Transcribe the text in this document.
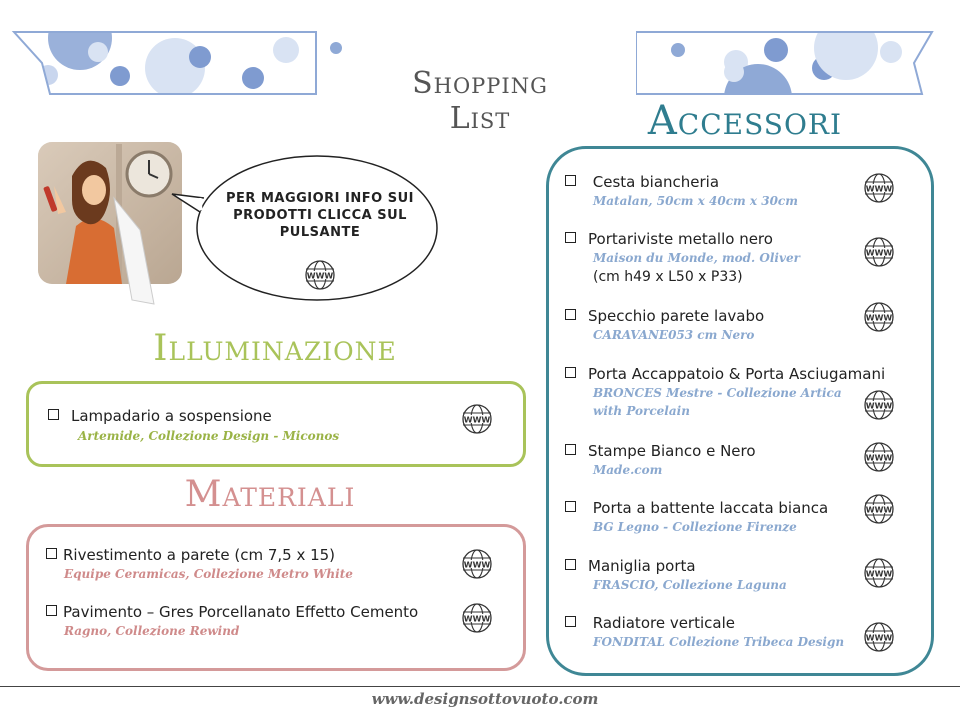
Shopping List
PER MAGGIORI INFO SUI PRODOTTI CLICCA SUL PULSANTE
WWW
Accessori
Illuminazione
Materiali
Lampadario a sospensione
Artemide, Collezione Design - Miconos
Rivestimento a parete (cm 7,5 x 15)
Equipe Ceramicas, Collezione Metro White
Pavimento – Gres Porcellanato Effetto Cemento
Ragno, Collezione Rewind
Cesta biancheria
Matalan, 50cm x 40cm x 30cm
Portariviste metallo nero
Maison du Monde, mod. Oliver
(cm h49 x L50 x P33)
Specchio parete lavabo
CARAVANE053 cm Nero
Porta Accappatoio & Porta Asciugamani
BRONCES Mestre - Collezione Artica
with Porcelain
Stampe Bianco e Nero
Made.com
Porta a battente laccata bianca
BG Legno - Collezione Firenze
Maniglia porta
FRASCIO, Collezione Laguna
Radiatore verticale
FONDITAL Collezione Tribeca Design
WWW
WWW
WWW
WWW
WWW
WWW
WWW
WWW
WWW
WWW
WWW
www.designsottovuoto.com
